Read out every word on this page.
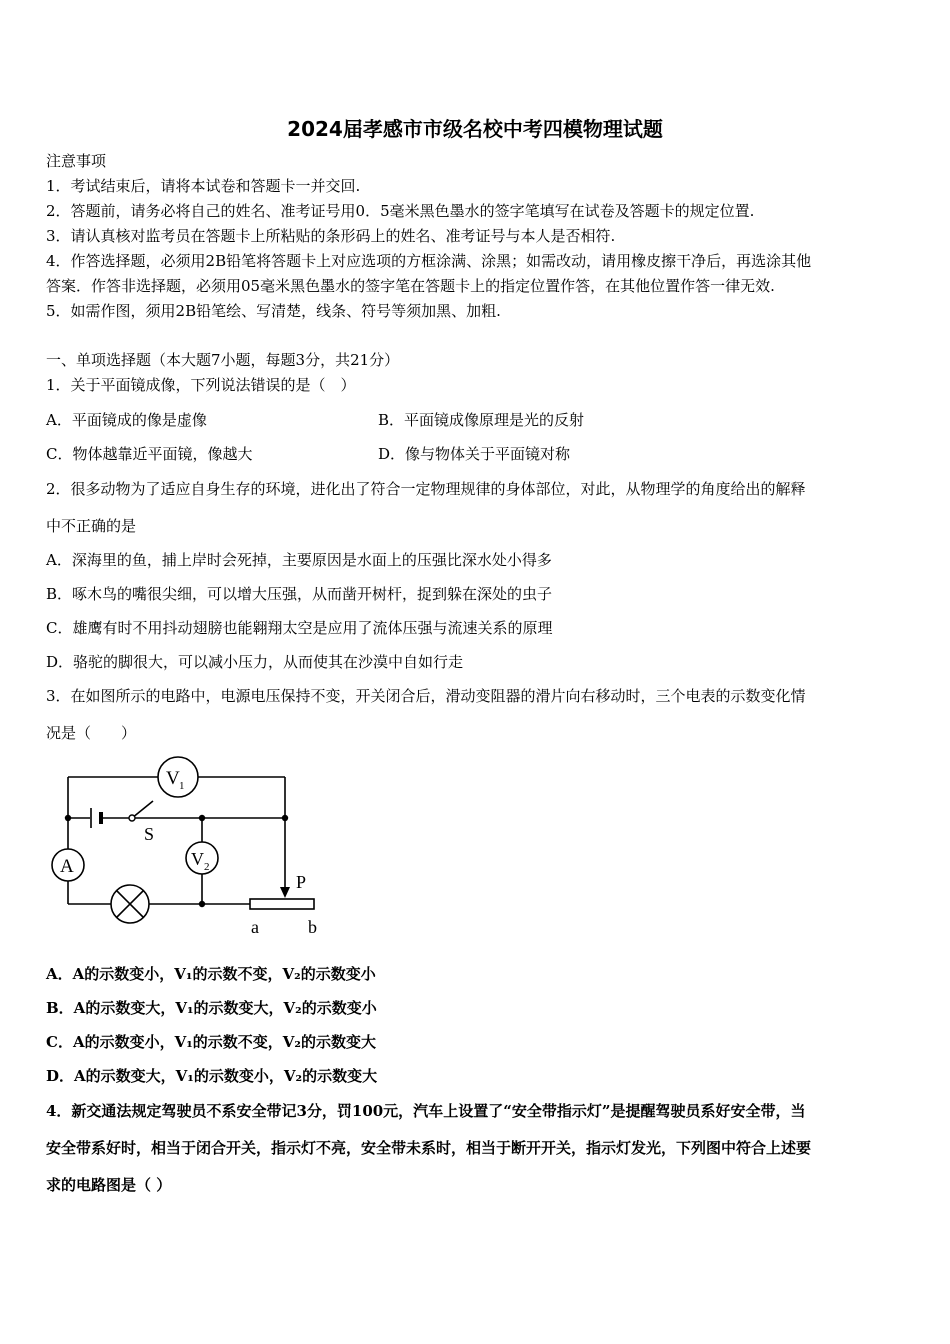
2024届孝感市市级名校中考四模物理试题
注意事项
1．考试结束后，请将本试卷和答题卡一并交回.
2．答题前，请务必将自己的姓名、准考证号用0．5毫米黑色墨水的签字笔填写在试卷及答题卡的规定位置.
3．请认真核对监考员在答题卡上所粘贴的条形码上的姓名、准考证号与本人是否相符.
4．作答选择题，必须用2B铅笔将答题卡上对应选项的方框涂满、涂黑；如需改动，请用橡皮擦干净后，再选涂其他
答案．作答非选择题，必须用05毫米黑色墨水的签字笔在答题卡上的指定位置作答，在其他位置作答一律无效.
5．如需作图，须用2B铅笔绘、写清楚，线条、符号等须加黑、加粗.
一、单项选择题（本大题7小题，每题3分，共21分）
1．关于平面镜成像，下列说法错误的是（　）
A．平面镜成的像是虚像	B．平面镜成像原理是光的反射
C．物体越靠近平面镜，像越大	D．像与物体关于平面镜对称
2．很多动物为了适应自身生存的环境，进化出了符合一定物理规律的身体部位，对此，从物理学的角度给出的解释
中不正确的是
A．深海里的鱼，捕上岸时会死掉，主要原因是水面上的压强比深水处小得多
B．啄木鸟的嘴很尖细，可以增大压强，从而凿开树杆，捉到躲在深处的虫子
C．雄鹰有时不用抖动翅膀也能翱翔太空是应用了流体压强与流速关系的原理
D．骆驼的脚很大，可以减小压力，从而使其在沙漠中自如行走
3．在如图所示的电路中，电源电压保持不变，开关闭合后，滑动变阻器的滑片向右移动时，三个电表的示数变化情
况是（　　）
V 1
V 2
A
S
P
a	b
A．A的示数变小，V₁的示数不变，V₂的示数变小
B．A的示数变大，V₁的示数变大，V₂的示数变小
C．A的示数变小，V₁的示数不变，V₂的示数变大
D．A的示数变大，V₁的示数变小，V₂的示数变大
4．新交通法规定驾驶员不系安全带记3分，罚100元，汽车上设置了“安全带指示灯”是提醒驾驶员系好安全带，当
安全带系好时，相当于闭合开关，指示灯不亮，安全带未系时，相当于断开开关，指示灯发光，下列图中符合上述要
求的电路图是（ ）
